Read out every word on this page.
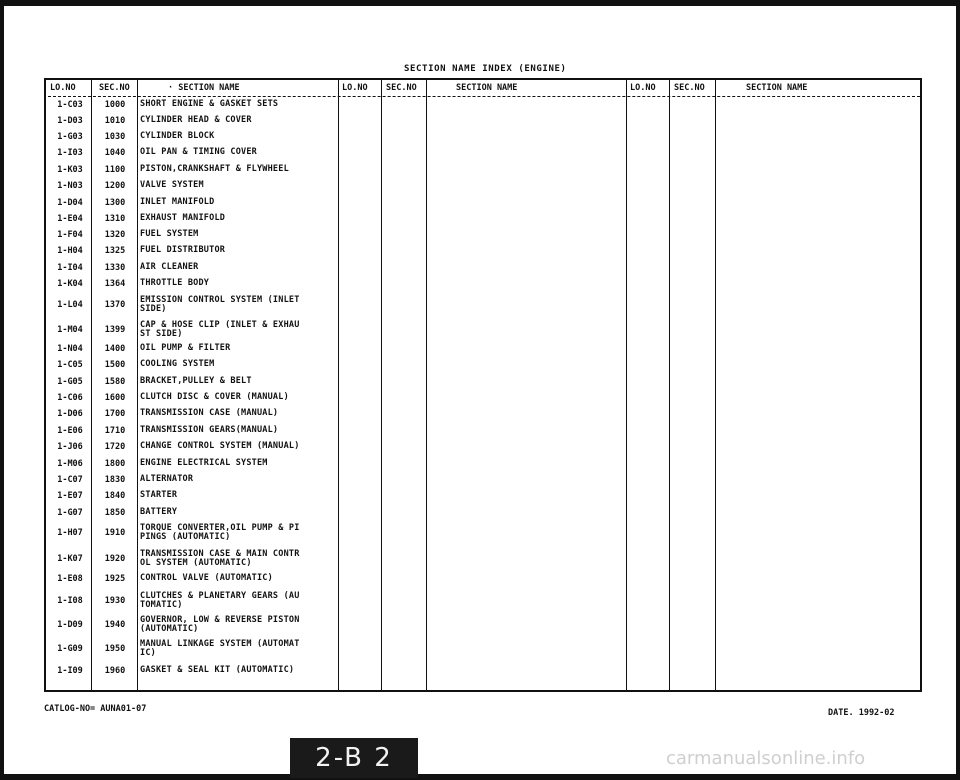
SECTION NAME INDEX (ENGINE)
LO.NO	SEC.NO	· SECTION NAME	LO.NO SEC.NO	SECTION NAME	LO.NO SEC.NO	SECTION NAME
1-C03	1000	SHORT ENGINE & GASKET SETS
1-D03	1010	CYLINDER HEAD & COVER
1-G03	1030	CYLINDER BLOCK
1-I03	1040	OIL PAN & TIMING COVER
1-K03	1100	PISTON,CRANKSHAFT & FLYWHEEL
1-N03	1200	VALVE SYSTEM
1-D04	1300	INLET MANIFOLD
1-E04	1310	EXHAUST MANIFOLD
1-F04	1320	FUEL SYSTEM
1-H04	1325	FUEL DISTRIBUTOR
1-I04	1330	AIR CLEANER
1-K04	1364	THROTTLE BODY
1-L04	1370	EMISSION CONTROL SYSTEM (INLET
SIDE)
1-M04	1399	CAP & HOSE CLIP (INLET & EXHAU
ST SIDE)
1-N04	1400	OIL PUMP & FILTER
1-C05	1500	COOLING SYSTEM
1-G05	1580	BRACKET,PULLEY & BELT
1-C06	1600	CLUTCH DISC & COVER (MANUAL)
1-D06	1700	TRANSMISSION CASE (MANUAL)
1-E06	1710	TRANSMISSION GEARS(MANUAL)
1-J06	1720	CHANGE CONTROL SYSTEM (MANUAL)
1-M06	1800	ENGINE ELECTRICAL SYSTEM
1-C07	1830	ALTERNATOR
1-E07	1840	STARTER
1-G07	1850	BATTERY
1-H07	1910	TORQUE CONVERTER,OIL PUMP & PI
PINGS (AUTOMATIC)
1-K07	1920	TRANSMISSION CASE & MAIN CONTR
OL SYSTEM (AUTOMATIC)
1-E08	1925	CONTROL VALVE (AUTOMATIC)
1-I08	1930	CLUTCHES & PLANETARY GEARS (AU
TOMATIC)
1-D09	1940	GOVERNOR, LOW & REVERSE PISTON
(AUTOMATIC)
1-G09	1950	MANUAL LINKAGE SYSTEM (AUTOMAT
IC)
1-I09	1960	GASKET & SEAL KIT (AUTOMATIC)
CATLOG-NO= AUNA01-07	DATE. 1992-02
2-B 2	carmanualsonline.info
